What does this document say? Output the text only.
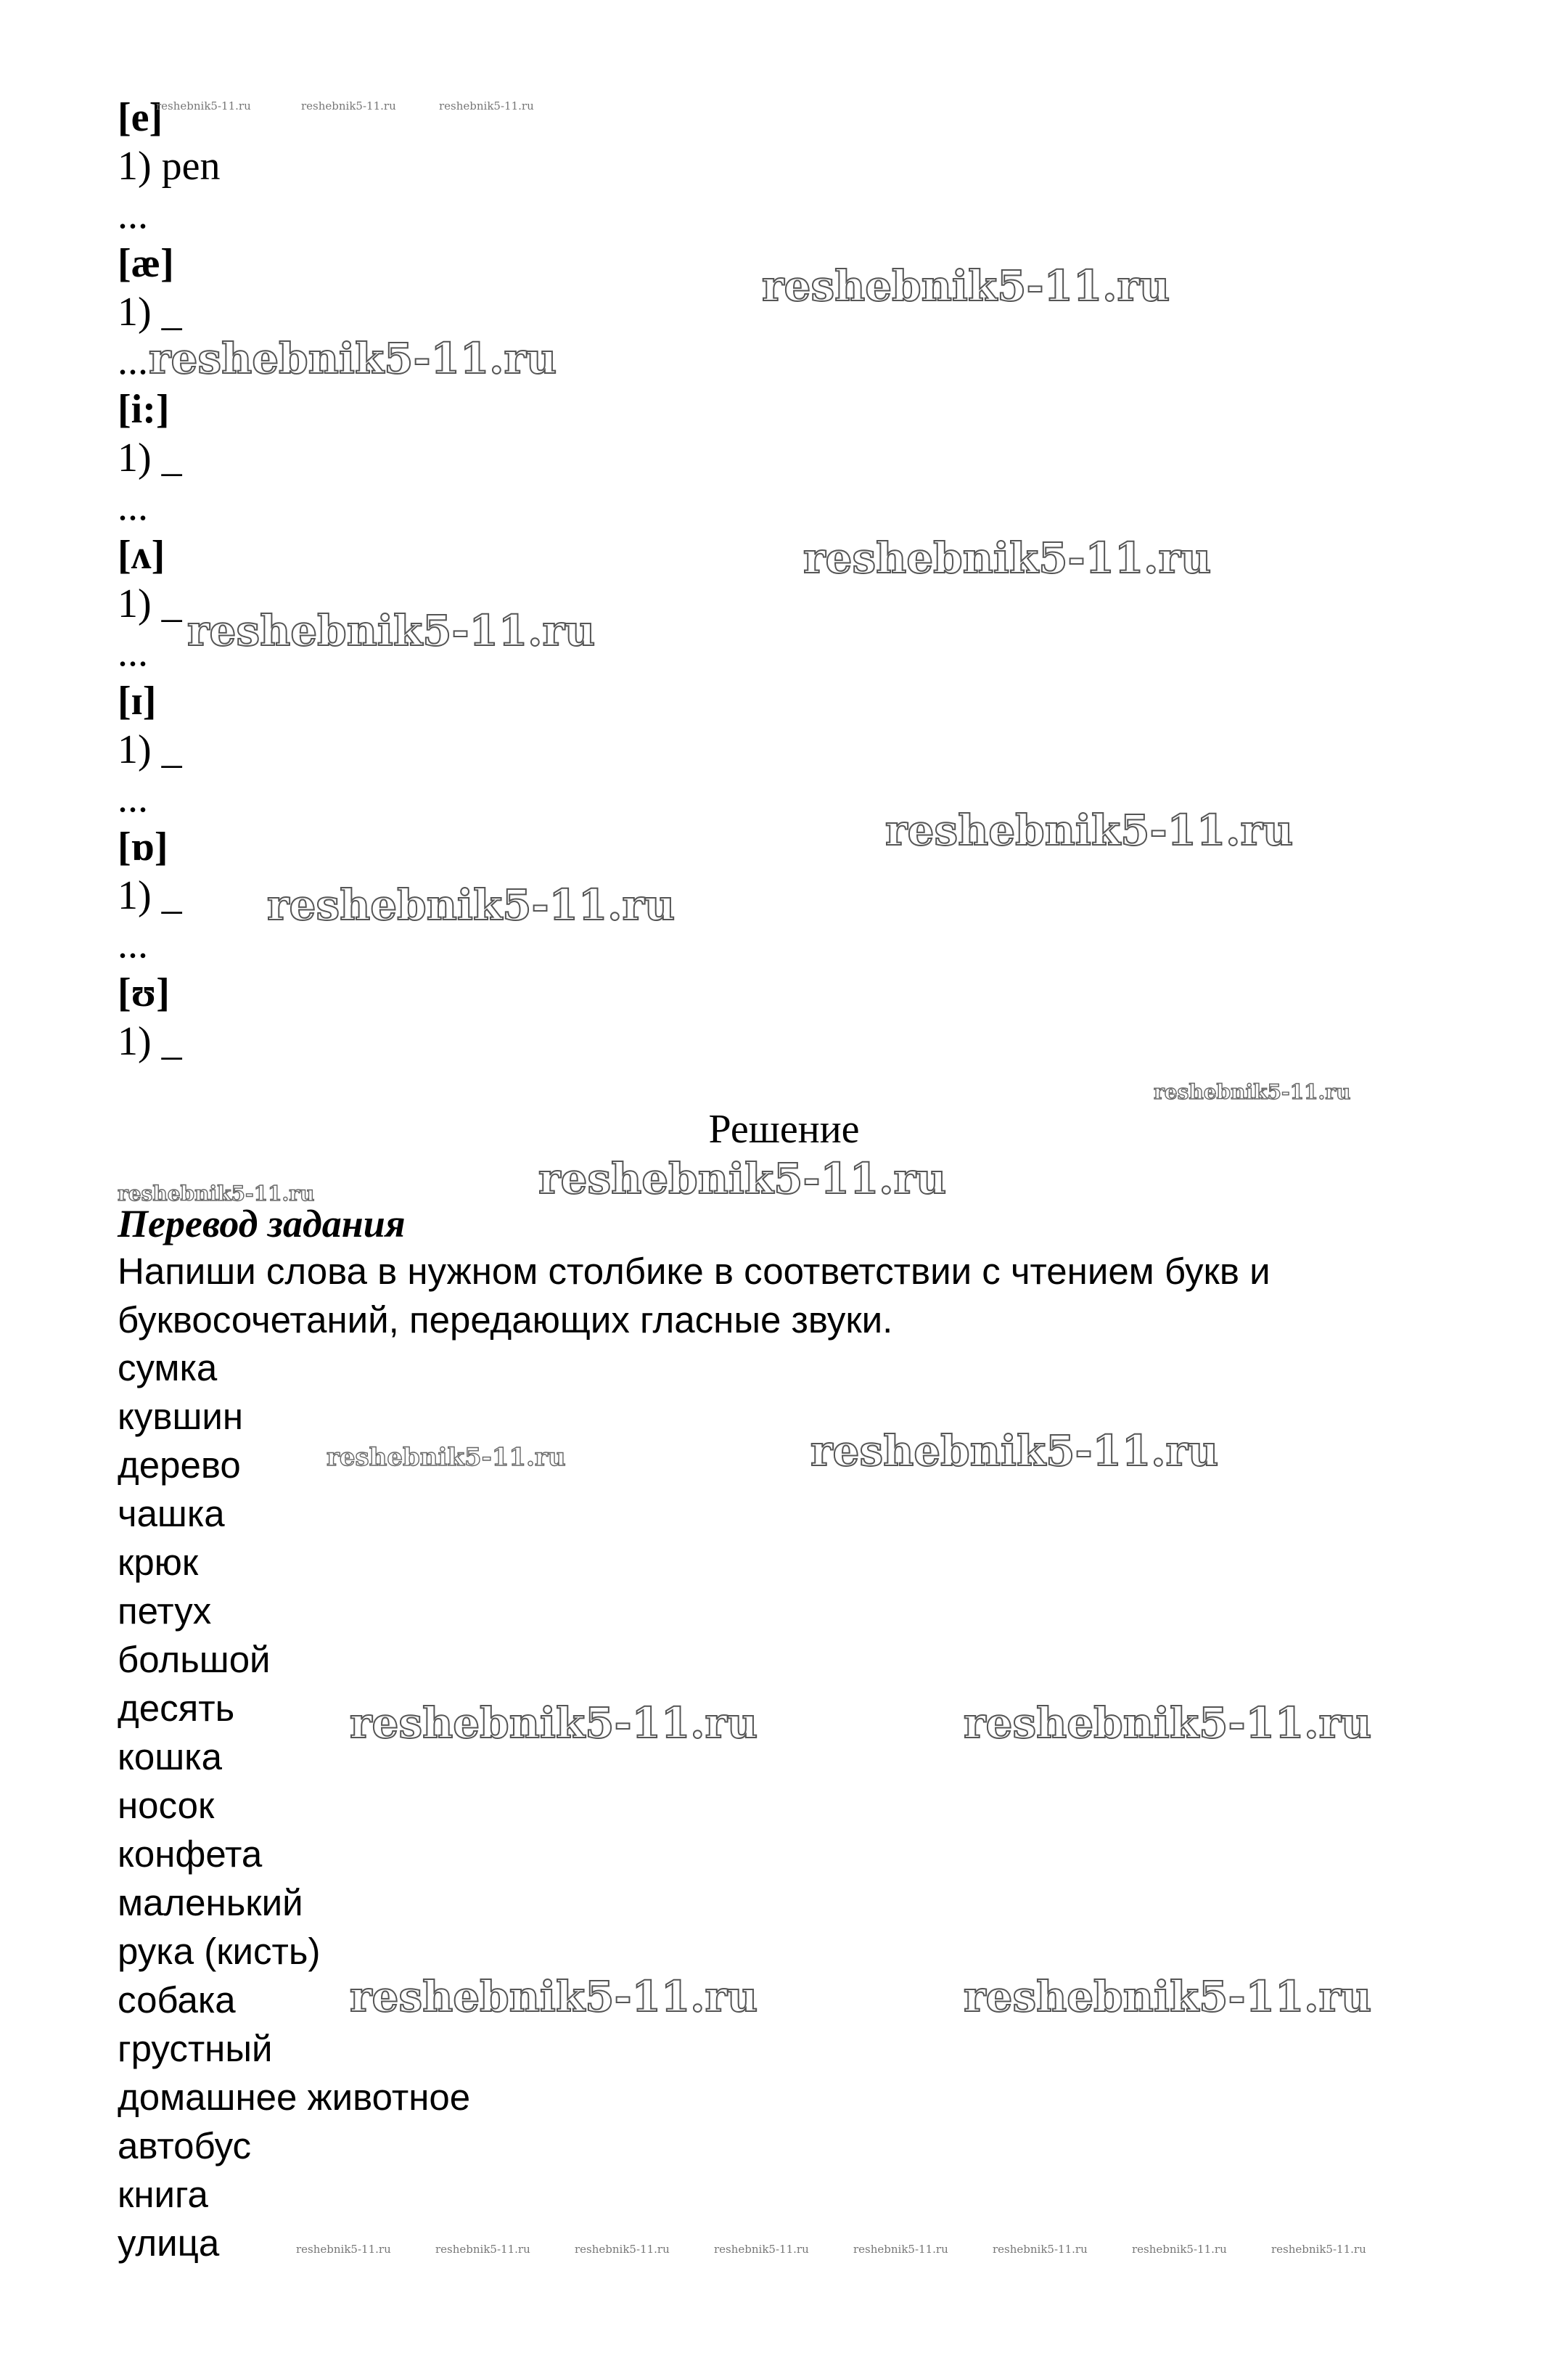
[e]
1) pen
...
[æ]
1) _
...
[i:]
1) _
...
[ʌ]
1) _
...
[ɪ]
1) _
...
[ɒ]
1) _
...
[ʊ]
1) _
Решение
Перевод задания
Напиши слова в нужном столбике в соответствии с чтением букв и буквосочетаний, передающих гласные звуки.
сумка
кувшин
дерево
чашка
крюк
петух
большой
десять
кошка
носок
конфета
маленький
рука (кисть)
собака
грустный
домашнее животное
автобус
книга
улица
reshebnik5-11.ru	reshebnik5-11.ru	reshebnik5-11.ru
reshebnik5-11.ru
reshebnik5-11.ru
reshebnik5-11.ru
reshebnik5-11.ru
reshebnik5-11.ru
reshebnik5-11.ru
reshebnik5-11.ru
reshebnik5-11.ru
reshebnik5-11.ru
reshebnik5-11.ru	reshebnik5-11.ru
reshebnik5-11.ru	reshebnik5-11.ru
reshebnik5-11.ru	reshebnik5-11.ru
reshebnik5-11.ru	reshebnik5-11.ru	reshebnik5-11.ru	reshebnik5-11.ru	reshebnik5-11.ru	reshebnik5-11.ru	reshebnik5-11.ru	reshebnik5-11.ru
